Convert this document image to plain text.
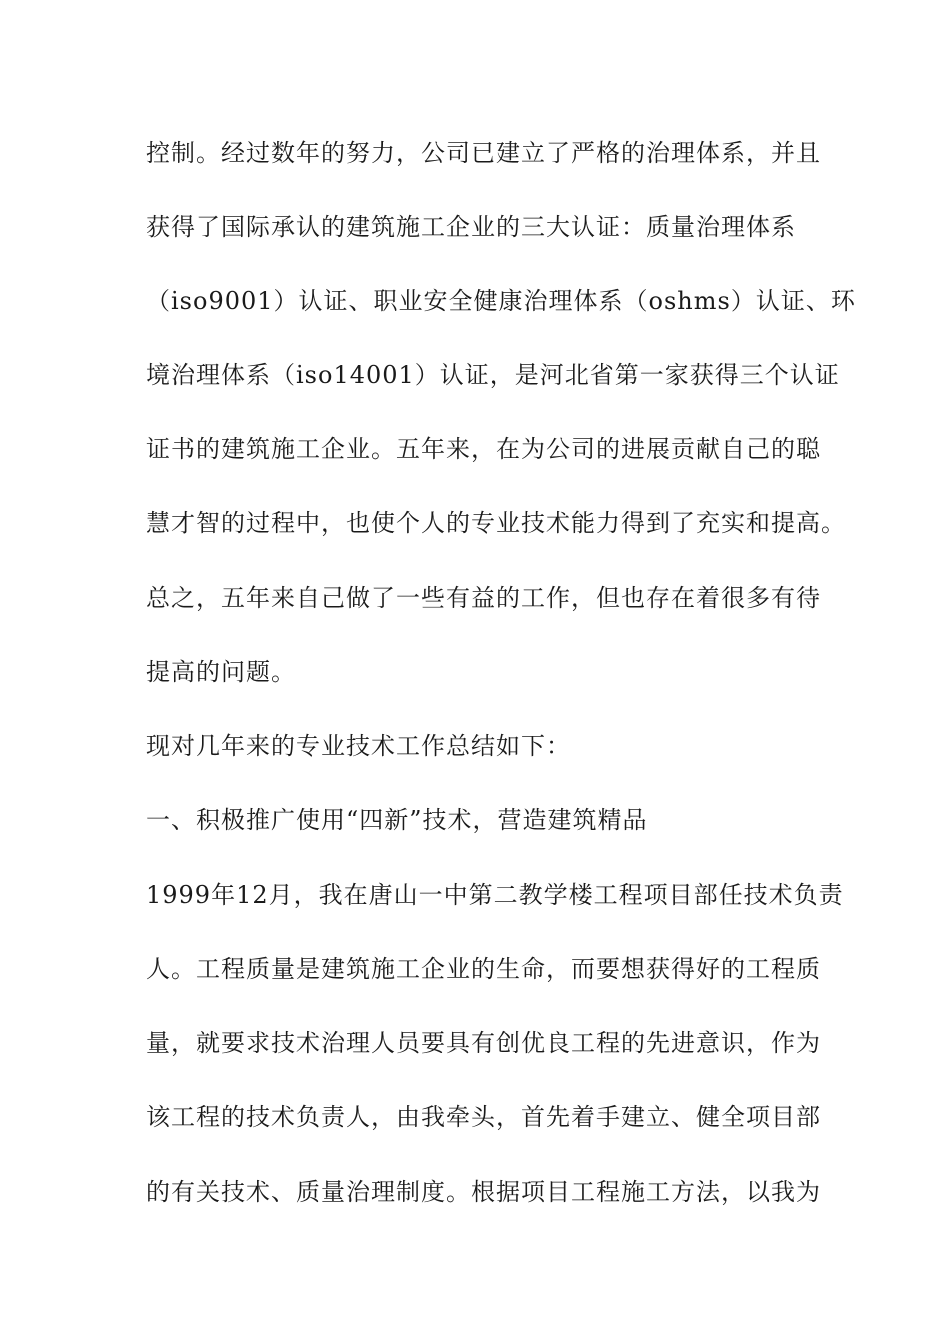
控制。经过数年的努力，公司已建立了严格的治理体系，并且
获得了国际承认的建筑施工企业的三大认证：质量治理体系
（iso9001）认证、职业安全健康治理体系（oshms）认证、环
境治理体系（iso14001）认证，是河北省第一家获得三个认证
证书的建筑施工企业。五年来，在为公司的进展贡献自己的聪
慧才智的过程中，也使个人的专业技术能力得到了充实和提高。
总之，五年来自己做了一些有益的工作，但也存在着很多有待
提高的问题。
现对几年来的专业技术工作总结如下：
一、积极推广使用“四新”技术，营造建筑精品
1999年12月，我在唐山一中第二教学楼工程项目部任技术负责
人。工程质量是建筑施工企业的生命，而要想获得好的工程质
量，就要求技术治理人员要具有创优良工程的先进意识，作为
该工程的技术负责人，由我牵头，首先着手建立、健全项目部
的有关技术、质量治理制度。根据项目工程施工方法，以我为
